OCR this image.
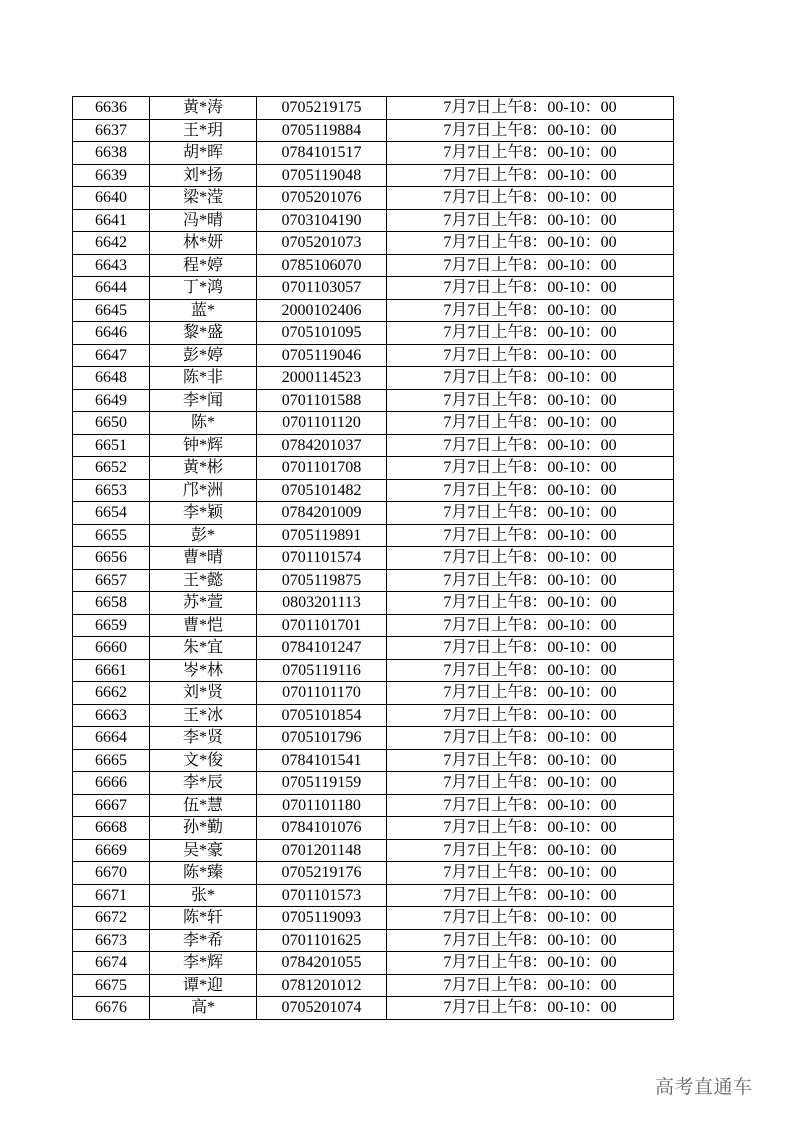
6636	黄*涛	0705219175	7月7日上午8：00-10：00
6637	王*玥	0705119884	7月7日上午8：00-10：00
6638	胡*晖	0784101517	7月7日上午8：00-10：00
6639	刘*扬	0705119048	7月7日上午8：00-10：00
6640	梁*滢	0705201076	7月7日上午8：00-10：00
6641	冯*晴	0703104190	7月7日上午8：00-10：00
6642	林*妍	0705201073	7月7日上午8：00-10：00
6643	程*婷	0785106070	7月7日上午8：00-10：00
6644	丁*鸿	0701103057	7月7日上午8：00-10：00
6645	蓝*	2000102406	7月7日上午8：00-10：00
6646	黎*盛	0705101095	7月7日上午8：00-10：00
6647	彭*婷	0705119046	7月7日上午8：00-10：00
6648	陈*非	2000114523	7月7日上午8：00-10：00
6649	李*闻	0701101588	7月7日上午8：00-10：00
6650	陈*	0701101120	7月7日上午8：00-10：00
6651	钟*辉	0784201037	7月7日上午8：00-10：00
6652	黄*彬	0701101708	7月7日上午8：00-10：00
6653	邝*洲	0705101482	7月7日上午8：00-10：00
6654	李*颖	0784201009	7月7日上午8：00-10：00
6655	彭*	0705119891	7月7日上午8：00-10：00
6656	曹*晴	0701101574	7月7日上午8：00-10：00
6657	王*懿	0705119875	7月7日上午8：00-10：00
6658	苏*萱	0803201113	7月7日上午8：00-10：00
6659	曹*恺	0701101701	7月7日上午8：00-10：00
6660	朱*宜	0784101247	7月7日上午8：00-10：00
6661	岑*林	0705119116	7月7日上午8：00-10：00
6662	刘*贤	0701101170	7月7日上午8：00-10：00
6663	王*冰	0705101854	7月7日上午8：00-10：00
6664	李*贤	0705101796	7月7日上午8：00-10：00
6665	文*俊	0784101541	7月7日上午8：00-10：00
6666	李*辰	0705119159	7月7日上午8：00-10：00
6667	伍*慧	0701101180	7月7日上午8：00-10：00
6668	孙*勤	0784101076	7月7日上午8：00-10：00
6669	吴*豪	0701201148	7月7日上午8：00-10：00
6670	陈*臻	0705219176	7月7日上午8：00-10：00
6671	张*	0701101573	7月7日上午8：00-10：00
6672	陈*轩	0705119093	7月7日上午8：00-10：00
6673	李*希	0701101625	7月7日上午8：00-10：00
6674	李*辉	0784201055	7月7日上午8：00-10：00
6675	谭*迎	0781201012	7月7日上午8：00-10：00
6676	高*	0705201074	7月7日上午8：00-10：00
高考直通车
